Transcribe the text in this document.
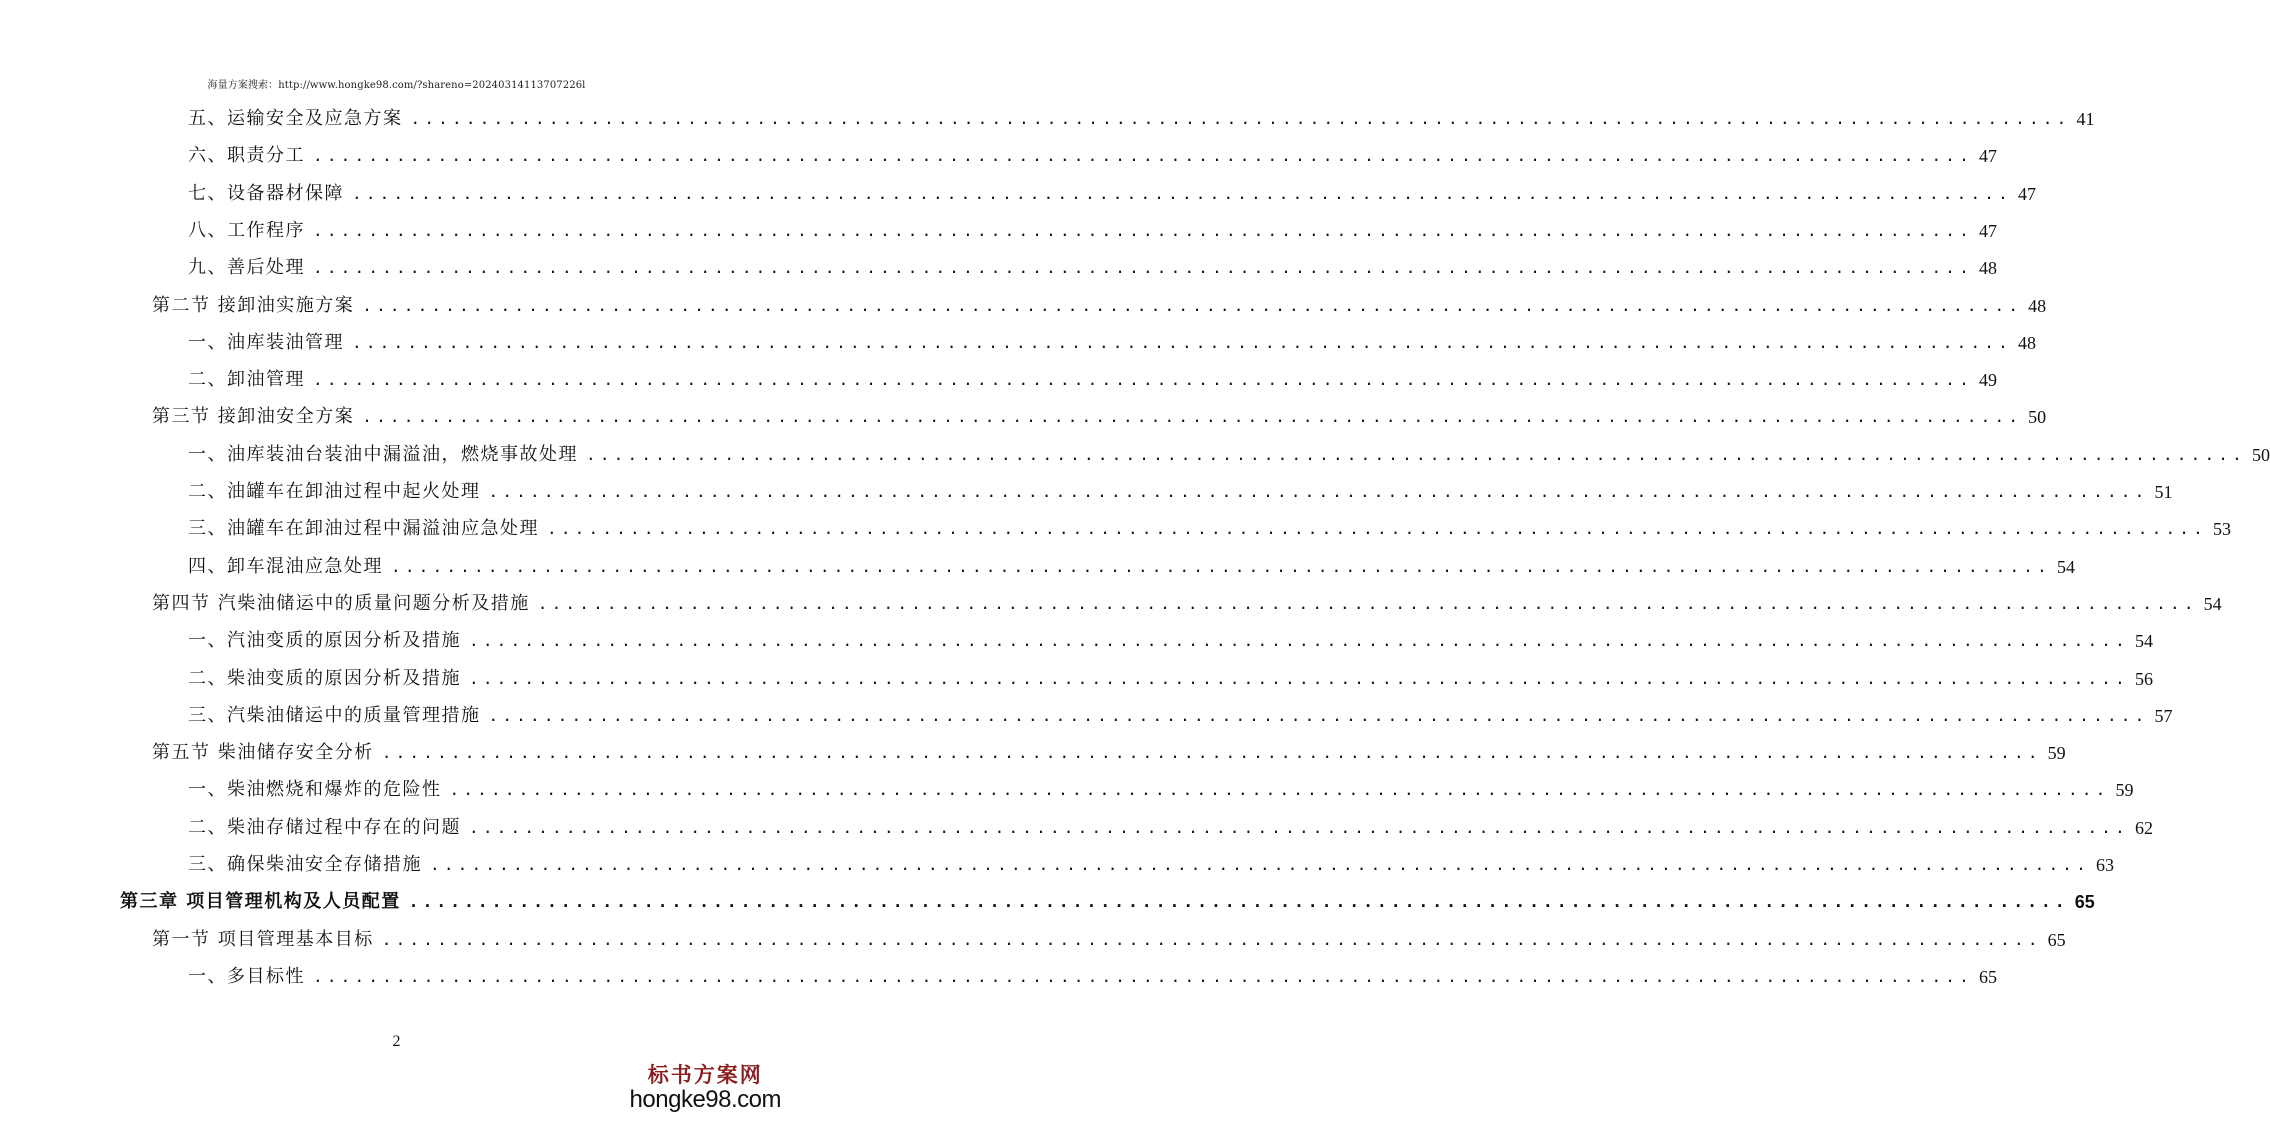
海量方案搜索：http://www.hongke98.com/?shareno=20240314113707226l
五、运输安全及应急方案 ........................................................................................................................ 41
六、职责分工 ........................................................................................................................ 47
七、设备器材保障 ........................................................................................................................ 47
八、工作程序 ........................................................................................................................ 47
九、善后处理 ........................................................................................................................ 48
第二节 接卸油实施方案 ........................................................................................................................ 48
一、油库装油管理 ........................................................................................................................ 48
二、卸油管理 ........................................................................................................................ 49
第三节 接卸油安全方案 ........................................................................................................................ 50
一、油库装油台装油中漏溢油，燃烧事故处理 ........................................................................................................................ 50
二、油罐车在卸油过程中起火处理 ........................................................................................................................ 51
三、油罐车在卸油过程中漏溢油应急处理 ........................................................................................................................ 53
四、卸车混油应急处理 ........................................................................................................................ 54
第四节 汽柴油储运中的质量问题分析及措施 ........................................................................................................................ 54
一、汽油变质的原因分析及措施 ........................................................................................................................ 54
二、柴油变质的原因分析及措施 ........................................................................................................................ 56
三、汽柴油储运中的质量管理措施 ........................................................................................................................ 57
第五节 柴油储存安全分析 ........................................................................................................................ 59
一、柴油燃烧和爆炸的危险性 ........................................................................................................................ 59
二、柴油存储过程中存在的问题 ........................................................................................................................ 62
三、确保柴油安全存储措施 ........................................................................................................................ 63
第三章 项目管理机构及人员配置 ........................................................................................................................ 65
第一节 项目管理基本目标 ........................................................................................................................ 65
一、多目标性 ........................................................................................................................ 65
2
标书方案网
hongke98.com
